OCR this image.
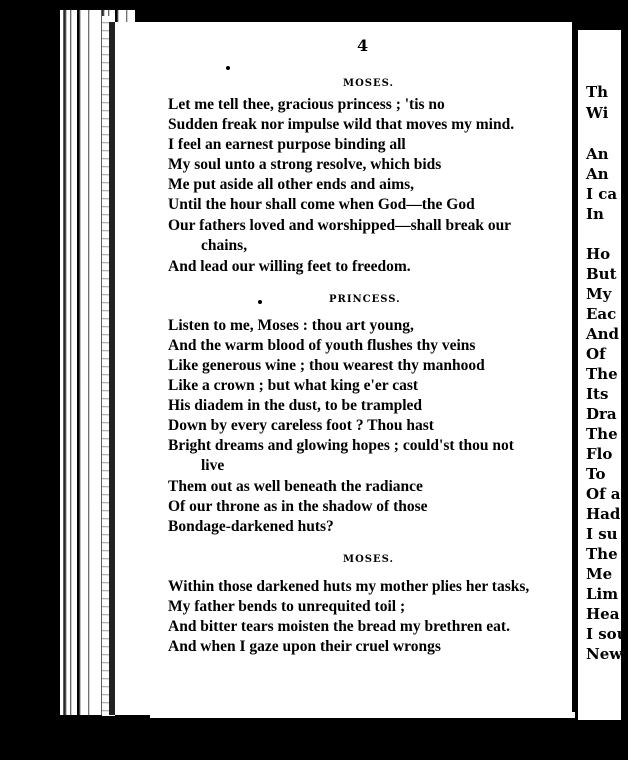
4
MOSES.
Let me tell thee, gracious princess ; 'tis no
Sudden freak nor impulse wild that moves my mind.
I feel an earnest purpose binding all
My soul unto a strong resolve, which bids
Me put aside all other ends and aims,
Until the hour shall come when God—the God
Our fathers loved and worshipped—shall break our
chains,
And lead our willing feet to freedom.
PRINCESS.
Listen to me, Moses : thou art young,
And the warm blood of youth flushes thy veins
Like generous wine ; thou wearest thy manhood
Like a crown ; but what king e'er cast
His diadem in the dust, to be trampled
Down by every careless foot ? Thou hast
Bright dreams and glowing hopes ; could'st thou not
live
Them out as well beneath the radiance
Of our throne as in the shadow of those
Bondage-darkened huts?
MOSES.
Within those darkened huts my mother plies her tasks,
My father bends to unrequited toil ;
And bitter tears moisten the bread my brethren eat.
And when I gaze upon their cruel wrongs
Th
Wi
An
An
I ca
In
Ho
But
My
Eac
And
Of
The
Its
Dra
The
Flo
To
Of a
Had
I su
The
Me
Lim
Hea
I sou
New
